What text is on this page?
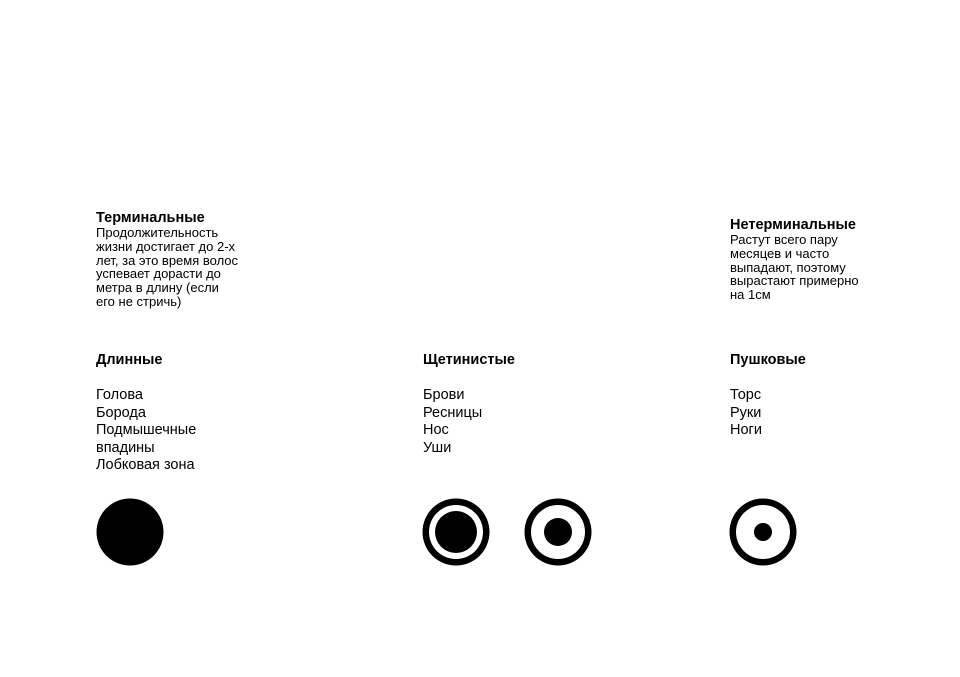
Терминальные
Продолжительность
жизни достигает до 2-х
лет, за это время волос
успевает дорасти до
метра в длину (если
его не стричь)
Нетерминальные
Растут всего пару
месяцев и часто
выпадают, поэтому
вырастают примерно
на 1см
Длинные
Голова
Борода
Подмышечные
впадины
Лобковая зона
Щетинистые
Брови
Ресницы
Нос
Уши
Пушковые
Торс
Руки
Ноги
